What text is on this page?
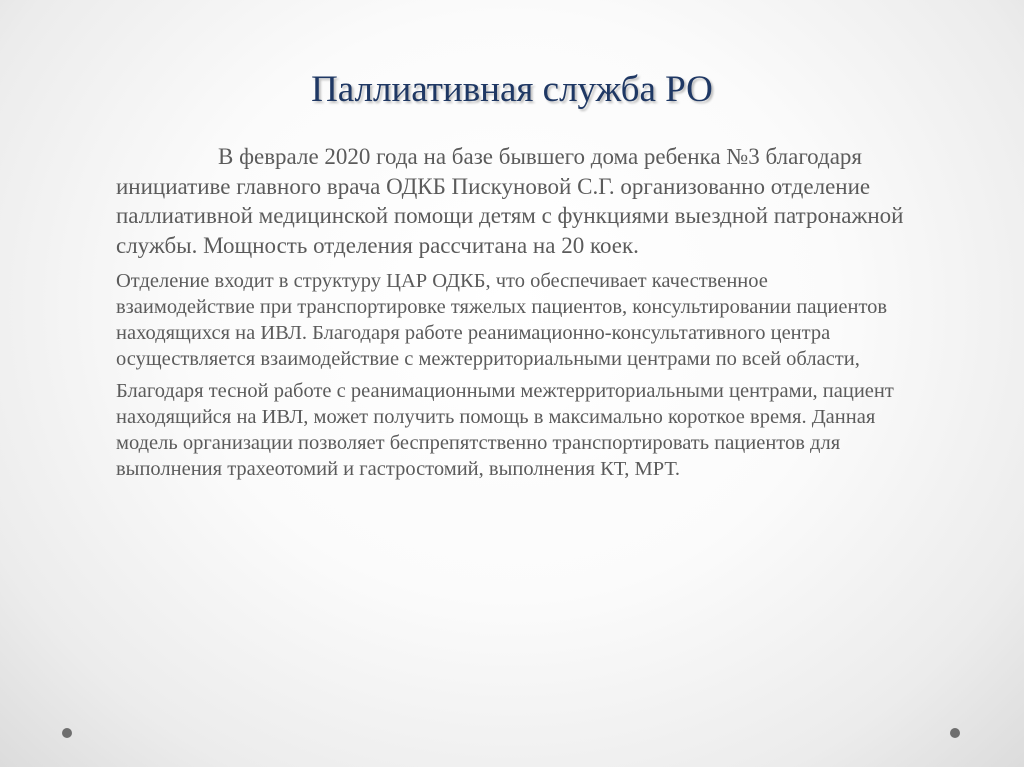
Паллиативная служба РО

В феврале 2020 года на базе бывшего дома ребенка №3 благодаря инициативе главного врача ОДКБ Пискуновой С.Г. организованно отделение паллиативной медицинской помощи детям с функциями выездной патронажной службы. Мощность отделения рассчитана на 20 коек.

Отделение входит в структуру ЦАР ОДКБ, что обеспечивает качественное взаимодействие при транспортировке тяжелых пациентов, консультировании пациентов находящихся на ИВЛ. Благодаря работе реанимационно-консультативного центра осуществляется взаимодействие с межтерриториальными центрами по всей области,

Благодаря тесной работе с реанимационными межтерриториальными центрами, пациент находящийся на ИВЛ, может получить помощь в максимально короткое время. Данная модель организации позволяет беспрепятственно транспортировать пациентов для выполнения трахеотомий и гастростомий, выполнения КТ, МРТ.
